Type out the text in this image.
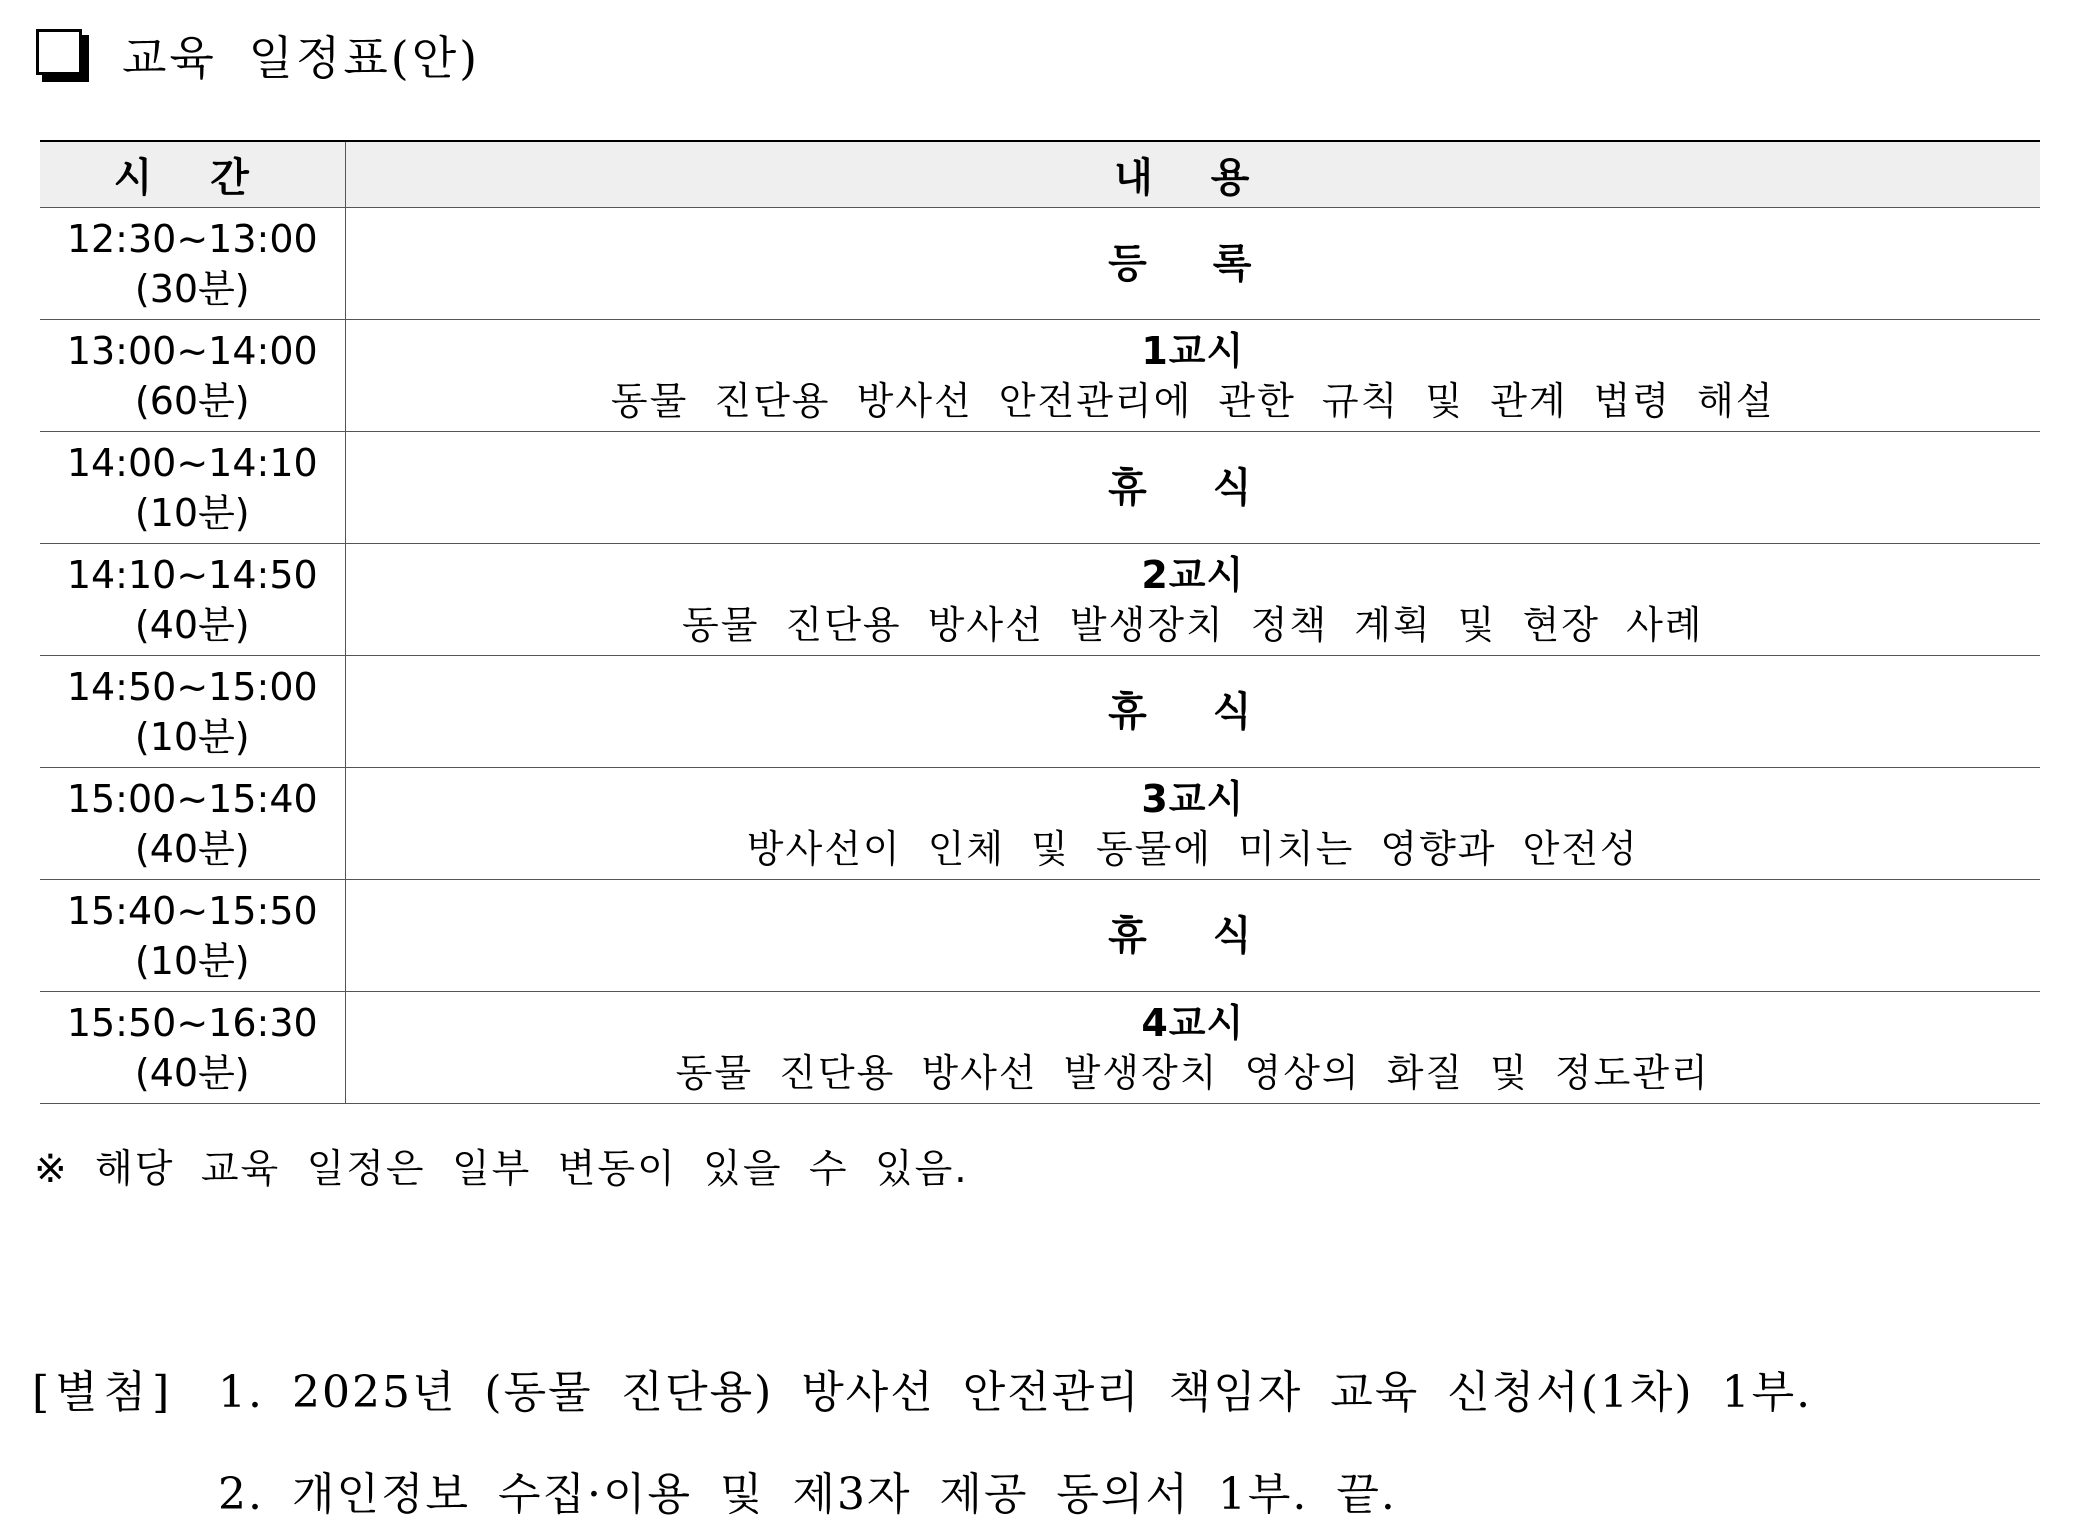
교육 일정표(안)
시 간	내 용

12:30~13:00
(30분)	등 록

13:00~14:00
(60분)	1교시
동물 진단용 방사선 안전관리에 관한 규칙 및 관계 법령 해설

14:00~14:10
(10분)	휴 식

14:10~14:50
(40분)	2교시
동물 진단용 방사선 발생장치 정책 계획 및 현장 사례

14:50~15:00
(10분)	휴 식

15:00~15:40
(40분)	3교시
방사선이 인체 및 동물에 미치는 영향과 안전성

15:40~15:50
(10분)	휴 식

15:50~16:30
(40분)	4교시
동물 진단용 방사선 발생장치 영상의 화질 및 정도관리
※ 해당 교육 일정은 일부 변동이 있을 수 있음.
[별첨] 1. 2025년 (동물 진단용) 방사선 안전관리 책임자 교육 신청서(1차) 1부.
2. 개인정보 수집·이용 및 제3자 제공 동의서 1부. 끝.
